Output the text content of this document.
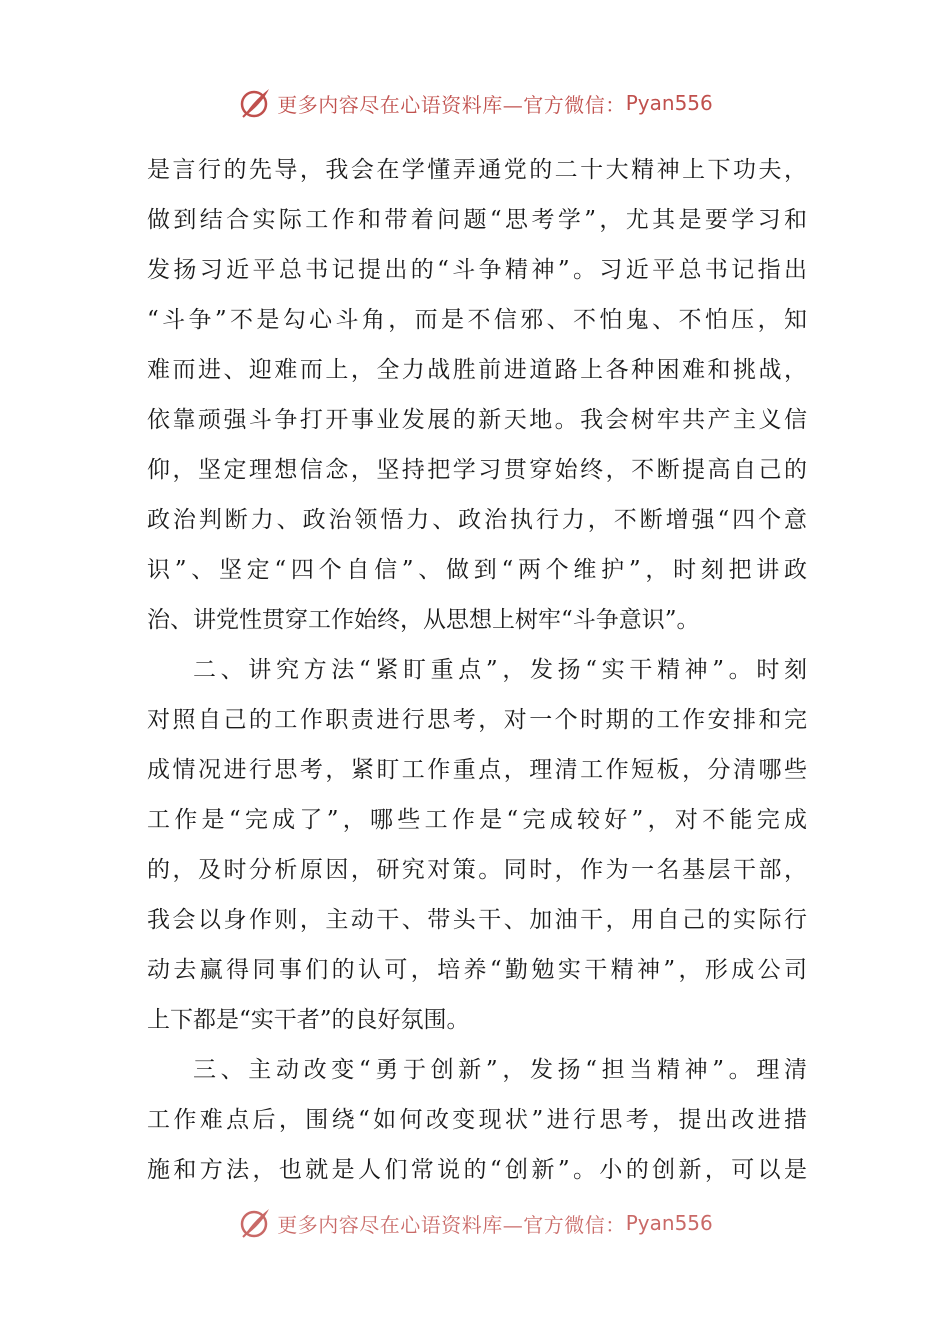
更多内容尽在心语资料库—官方微信： Pyan556
是言行的先导，我会在学懂弄通党的二十大精神上下功夫，
做到结合实际工作和带着问题“思考学”，尤其是要学习和
发扬习近平总书记提出的“斗争精神”。习近平总书记指出
“斗争”不是勾心斗角，而是不信邪、不怕鬼、不怕压，知
难而进、迎难而上，全力战胜前进道路上各种困难和挑战，
依靠顽强斗争打开事业发展的新天地。我会树牢共产主义信
仰，坚定理想信念，坚持把学习贯穿始终，不断提高自己的
政治判断力、政治领悟力、政治执行力，不断增强“四个意
识”、坚定“四个自信”、做到“两个维护”，时刻把讲政
治、讲党性贯穿工作始终，从思想上树牢“斗争意识”。
二、讲究方法“紧盯重点”，发扬“实干精神”。时刻
对照自己的工作职责进行思考，对一个时期的工作安排和完
成情况进行思考，紧盯工作重点，理清工作短板，分清哪些
工作是“完成了”，哪些工作是“完成较好”，对不能完成
的，及时分析原因，研究对策。同时，作为一名基层干部，
我会以身作则，主动干、带头干、加油干，用自己的实际行
动去赢得同事们的认可，培养“勤勉实干精神”，形成公司
上下都是“实干者”的良好氛围。
三、主动改变“勇于创新”，发扬“担当精神”。理清
工作难点后，围绕“如何改变现状”进行思考，提出改进措
施和方法，也就是人们常说的“创新”。小的创新，可以是
更多内容尽在心语资料库—官方微信： Pyan556
